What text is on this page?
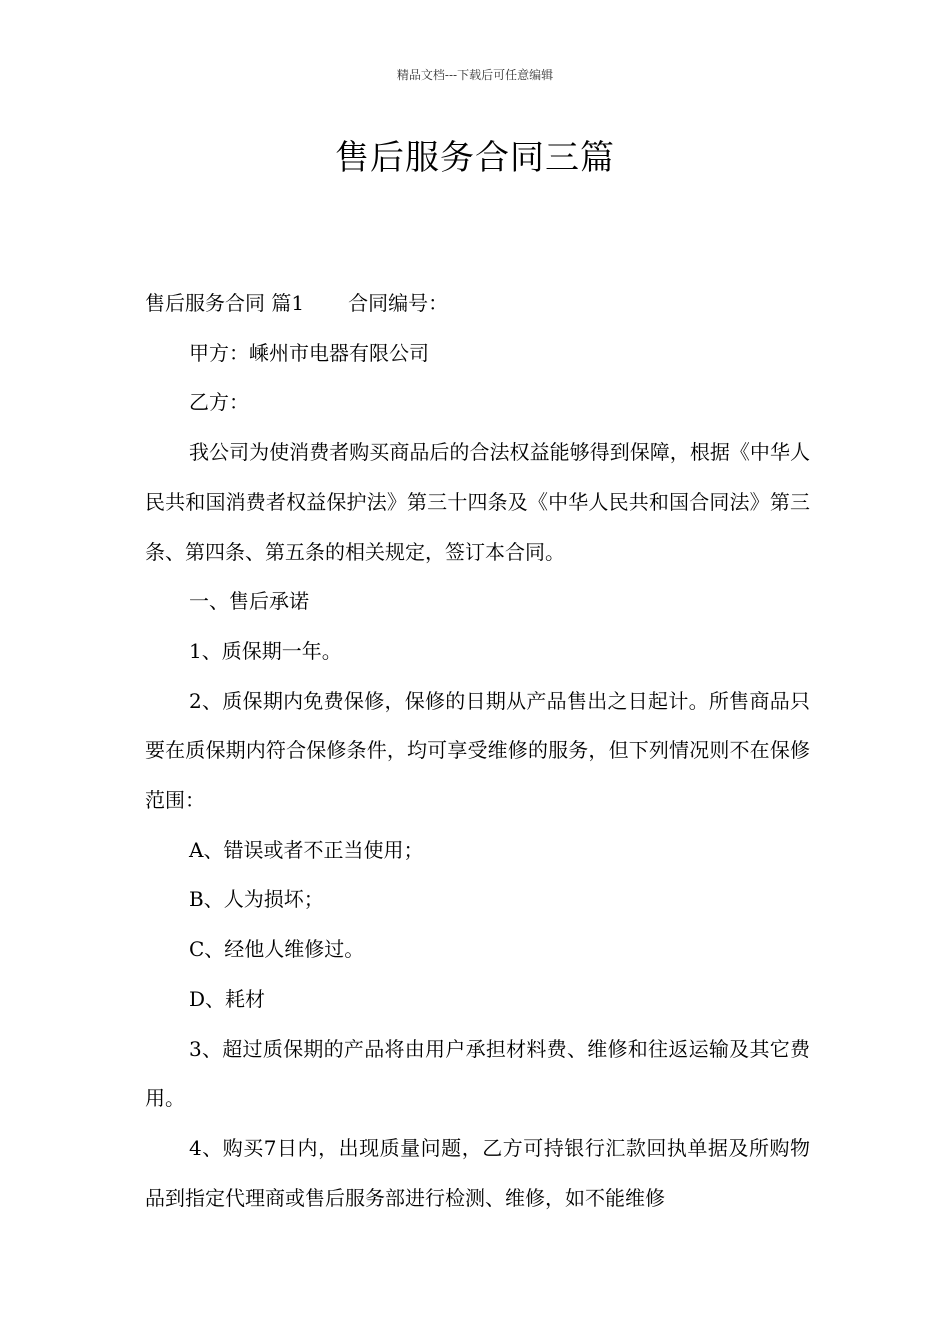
精品文档---下载后可任意编辑
售后服务合同三篇

售后服务合同 篇1 合同编号：

甲方：嵊州市电器有限公司

乙方：

我公司为使消费者购买商品后的合法权益能够得到保障，根据《中华人民共和国消费者权益保护法》第三十四条及《中华人民共和国合同法》第三条、第四条、第五条的相关规定，签订本合同。

一、售后承诺

1、质保期一年。

2、质保期内免费保修，保修的日期从产品售出之日起计。所售商品只要在质保期内符合保修条件，均可享受维修的服务，但下列情况则不在保修范围：

A、错误或者不正当使用；

B、人为损坏；

C、经他人维修过。

D、耗材

3、超过质保期的产品将由用户承担材料费、维修和往返运输及其它费用。

4、购买7日内，出现质量问题，乙方可持银行汇款回执单据及所购物品到指定代理商或售后服务部进行检测、维修，如不能维修
